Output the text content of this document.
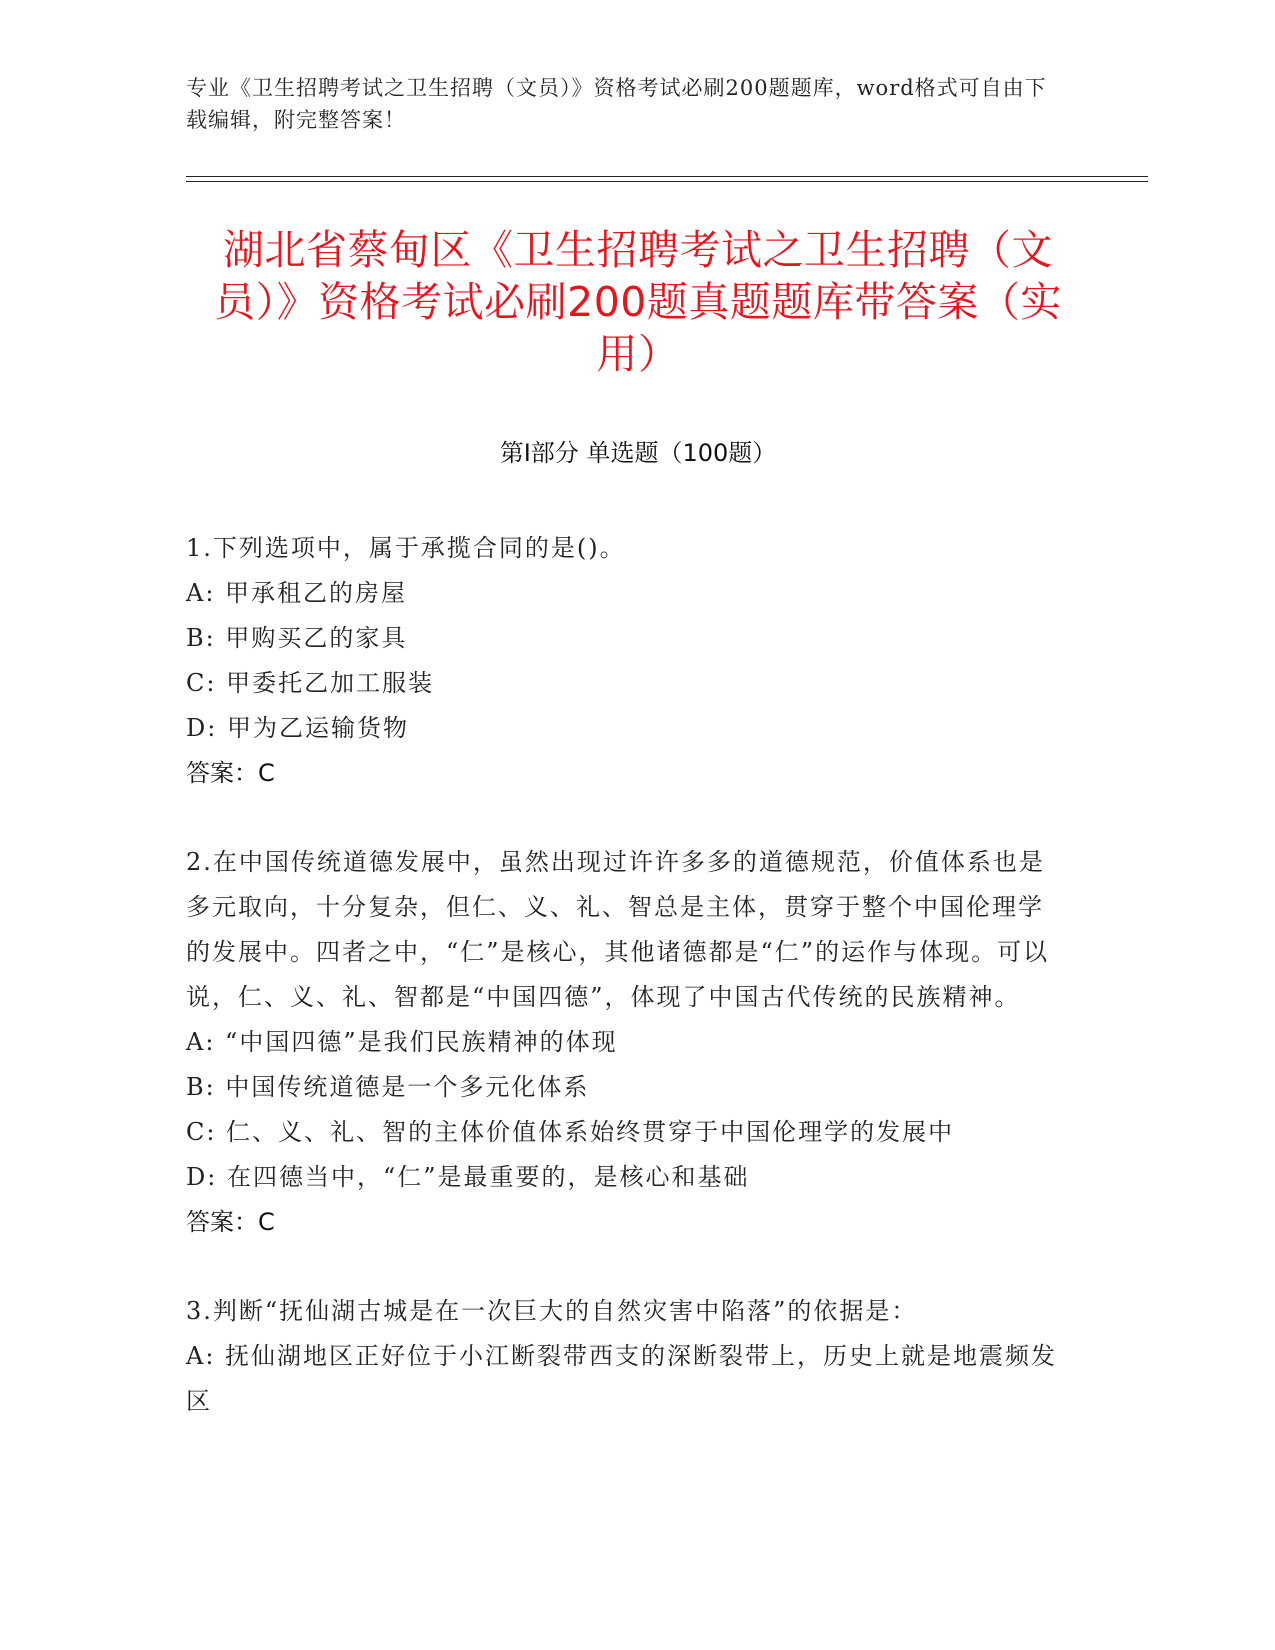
专业《卫生招聘考试之卫生招聘（文员）》资格考试必刷200题题库，word格式可自由下载编辑，附完整答案！
湖北省蔡甸区《卫生招聘考试之卫生招聘（文员）》资格考试必刷200题真题题库带答案（实用）
第Ⅰ部分 单选题（100题）
1.下列选项中，属于承揽合同的是()。
A: 甲承租乙的房屋
B: 甲购买乙的家具
C: 甲委托乙加工服装
D: 甲为乙运输货物
答案：C
2.在中国传统道德发展中，虽然出现过许许多多的道德规范，价值体系也是多元取向，十分复杂，但仁、义、礼、智总是主体，贯穿于整个中国伦理学的发展中。四者之中，“仁”是核心，其他诸德都是“仁”的运作与体现。可以说，仁、义、礼、智都是“中国四德”，体现了中国古代传统的民族精神。
A: “中国四德”是我们民族精神的体现
B: 中国传统道德是一个多元化体系
C: 仁、义、礼、智的主体价值体系始终贯穿于中国伦理学的发展中
D: 在四德当中，“仁”是最重要的，是核心和基础
答案：C
3.判断“抚仙湖古城是在一次巨大的自然灾害中陷落”的依据是：
A: 抚仙湖地区正好位于小江断裂带西支的深断裂带上，历史上就是地震频发区
